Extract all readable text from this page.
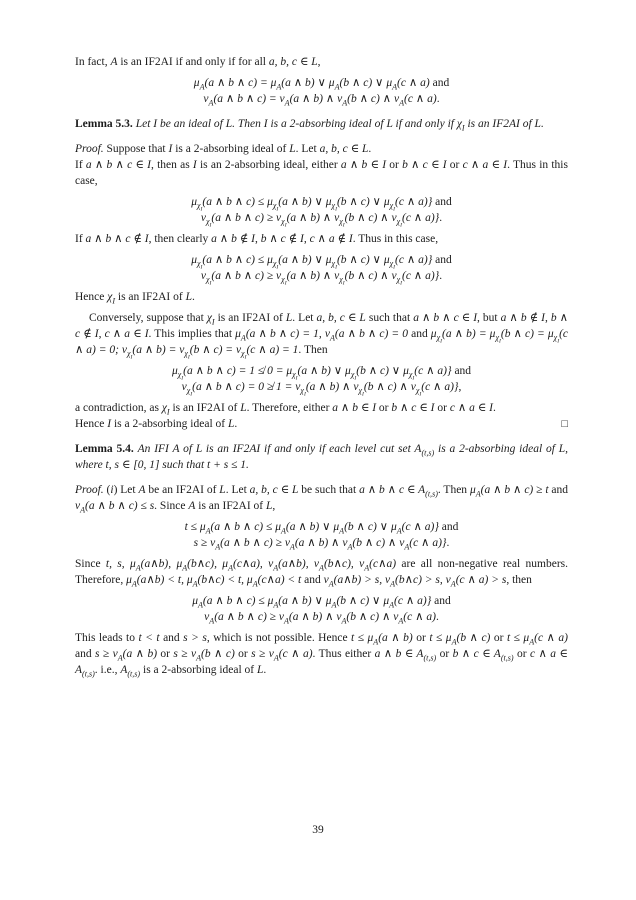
In fact, A is an IF2AI if and only if for all a, b, c ∈ L,

$\mu_A(a$ ∧ b ∧ $c) = \mu_A(a$ ∧ b) ∨ $\mu_A(b$ ∧ c) ∨ $\mu_A(c$ ∧ a) and
$\nu_A(a$ ∧ b ∧ $c) = \nu_A(a$ ∧ b) ∧ $\nu_A(b$ ∧ c) ∧ $\nu_A(c$ ∧ a).

Lemma 5.3. Let I be an ideal of L. Then I is a 2-absorbing ideal of L if and only if $\chi_I$ is an IF2AI of L.

Proof. Suppose that I is a 2-absorbing ideal of L. Let a, b, c ∈ L.

If a ∧ b ∧ c ∈ I, then as I is an 2-absorbing ideal, either a ∧ b ∈ I or b ∧ c ∈ I or c ∧ a ∈ I. Thus in this case,

$\mu_{\chi_I}(a$ ∧ b ∧ $c) \le \mu_{\chi_I}(a$ ∧ b) ∨ $\mu_{\chi_I}(b$ ∧ c) ∨ $\mu_{\chi_I}(c$ ∧ a)} and
$\nu_{\chi_I}(a$ ∧ b ∧ $c) \ge \nu_{\chi_I}(a$ ∧ b) ∧ $\nu_{\chi_I}(b$ ∧ c) ∧ $\nu_{\chi_I}(c$ ∧ a)}.

If a ∧ b ∧ c ∉ I, then clearly a ∧ b ∉ I, b ∧ c ∉ I, c ∧ a ∉ I. Thus in this case,

$\mu_{\chi_I}(a$ ∧ b ∧ $c) \le \mu_{\chi_I}(a$ ∧ b) ∨ $\mu_{\chi_I}(b$ ∧ c) ∨ $\mu_{\chi_I}(c$ ∧ a)} and
$\nu_{\chi_I}(a$ ∧ b ∧ $c) \ge \nu_{\chi_I}(a$ ∧ b) ∧ $\nu_{\chi_I}(b$ ∧ c) ∧ $\nu_{\chi_I}(c$ ∧ a)}.

Hence $\chi_I$ is an IF2AI of L.

Conversely, suppose that $\chi_I$ is an IF2AI of L. Let a, b, c ∈ L such that a ∧ b ∧ c ∈ I, but a ∧ b ∉ I, b ∧ c ∉ I, c ∧ a ∈ I. This implies that $\mu_A(a$ ∧ b ∧ c) = 1, $\nu_A(a$ ∧ b ∧ c) = 0 and $\mu_{\chi_I}(a$ ∧ $b) = \mu_{\chi_I}(b$ ∧ $c) = \mu_{\chi_I}(c$ ∧ a) = 0; $\nu_{\chi_I}(a$ ∧ $b) = \nu_{\chi_I}(b$ ∧ $c) = \nu_{\chi_I}(c$ ∧ a) = 1. Then

$\mu_{\chi_I}(a$ ∧ b ∧ c) = 1 ≰ $0 = \mu_{\chi_I}(a$ ∧ b) ∨ $\mu_{\chi_I}(b$ ∧ c) ∨ $\mu_{\chi_I}(c$ ∧ a)} and
$\nu_{\chi_I}(a$ ∧ b ∧ c) = 0 ≱ $1 = \nu_{\chi_I}(a$ ∧ b) ∧ $\nu_{\chi_I}(b$ ∧ c) ∧ $\nu_{\chi_I}(c$ ∧ a)},

a contradiction, as $\chi_I$ is an IF2AI of L. Therefore, either a ∧ b ∈ I or b ∧ c ∈ I or c ∧ a ∈ I.

Hence I is a 2-absorbing ideal of L.	□

Lemma 5.4. An IFI A of L is an IF2AI if and only if each level cut set $A_{(t,s)}$ is a 2-absorbing ideal of L, where t, s ∈ [0, 1] such that t + s ≤ 1.

Proof. (i) Let A be an IF2AI of L. Let a, b, c ∈ L be such that a ∧ b ∧ c ∈ $A_{(t,s)}$. Then $\mu_A(a$ ∧ b ∧ c) ≥ t and $\nu_A(a$ ∧ b ∧ c) ≤ s. Since A is an IF2AI of L,

$t \le \mu_A(a$ ∧ b ∧ $c) \le \mu_A(a$ ∧ b) ∨ $\mu_A(b$ ∧ c) ∨ $\mu_A(c$ ∧ a)} and
$s \ge \nu_A(a$ ∧ b ∧ $c) \ge \nu_A(a$ ∧ b) ∧ $\nu_A(b$ ∧ c) ∧ $\nu_A(c$ ∧ a)}.

Since t, s, $\mu_A(a\wedge b)$, $\mu_A(b\wedge c)$, $\mu_A(c\wedge a)$, $\nu_A(a\wedge b)$, $\nu_A(b\wedge c)$, $\nu_A(c\wedge a)$ are all non-negative real numbers. Therefore, $\mu_A(a\wedge b) < t$, $\mu_A(b\wedge c) < t$, $\mu_A(c\wedge a) < t$ and $\nu_A(a\wedge b) > s$, $\nu_A(b\wedge c) > s$, $\nu_A(c$ ∧ a) > s, then

$\mu_A(a$ ∧ b ∧ $c) \le \mu_A(a$ ∧ b) ∨ $\mu_A(b$ ∧ c) ∨ $\mu_A(c$ ∧ a)} and
$\nu_A(a$ ∧ b ∧ $c) \ge \nu_A(a$ ∧ b) ∧ $\nu_A(b$ ∧ c) ∧ $\nu_A(c$ ∧ a).

This leads to t < t and s > s, which is not possible. Hence $t \le \mu_A(a$ ∧ b) or $t \le \mu_A(b$ ∧ c) or $t \le \mu_A(c$ ∧ a) and $s \ge \nu_A(a$ ∧ b) or $s \ge \nu_A(b$ ∧ c) or $s \ge \nu_A(c$ ∧ a). Thus either a ∧ b ∈ $A_{(t,s)}$ or b ∧ c ∈ $A_{(t,s)}$ or c ∧ a ∈ $A_{(t,s)}$. i.e., $A_{(t,s)}$ is a 2-absorbing ideal of L.

39
